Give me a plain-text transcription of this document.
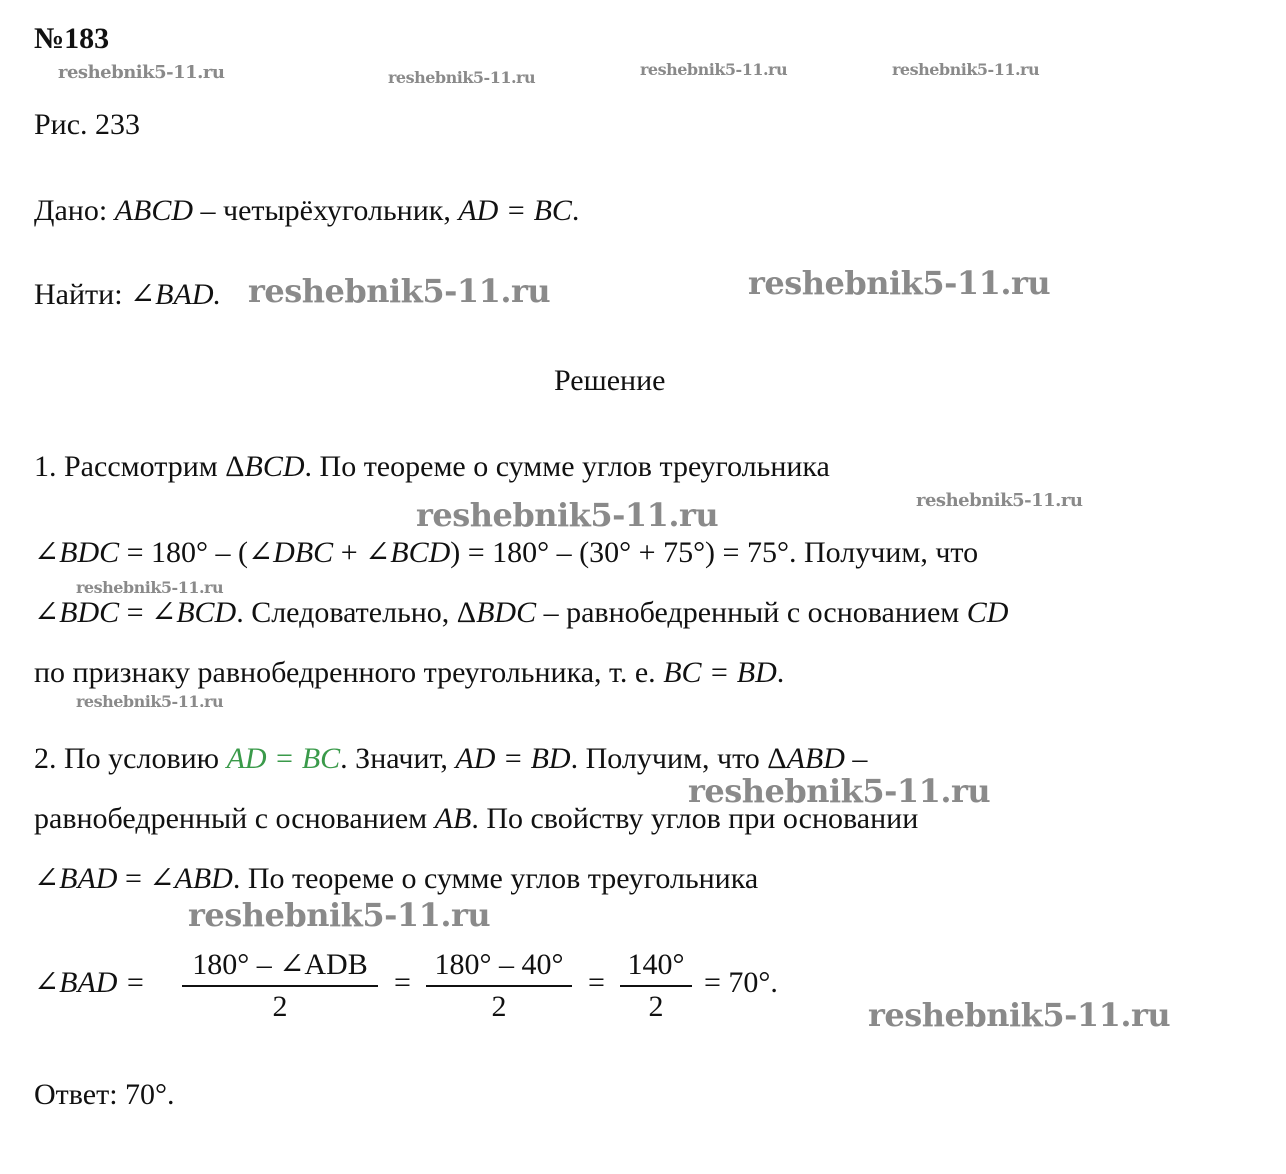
№183
Рис. 233
Дано: ABCD – четырёхугольник, AD = BC.
Найти: ∠BAD.
Решение
1. Рассмотрим ΔBCD. По теореме о сумме углов треугольника
∠BDC = 180° – (∠DBC + ∠BCD) = 180° – (30° + 75°) = 75°. Получим, что
∠BDC = ∠BCD. Следовательно, ΔBDC – равнобедренный с основанием CD
по признаку равнобедренного треугольника, т. е. BC = BD.
2. По условию AD = BC. Значит, AD = BD. Получим, что ΔABD –
равнобедренный с основанием AB. По свойству углов при основании
∠BAD = ∠ABD. По теореме о сумме углов треугольника
∠BAD =
180° – ∠ADB
2
=
180° – 40°
2
=
140°
2
= 70°.
Ответ: 70°.
reshebnik5-11.ru	reshebnik5-11.ru	reshebnik5-11.ru	reshebnik5-11.ru
reshebnik5-11.ru	reshebnik5-11.ru
reshebnik5-11.ru	reshebnik5-11.ru
reshebnik5-11.ru
reshebnik5-11.ru
reshebnik5-11.ru
reshebnik5-11.ru
reshebnik5-11.ru
